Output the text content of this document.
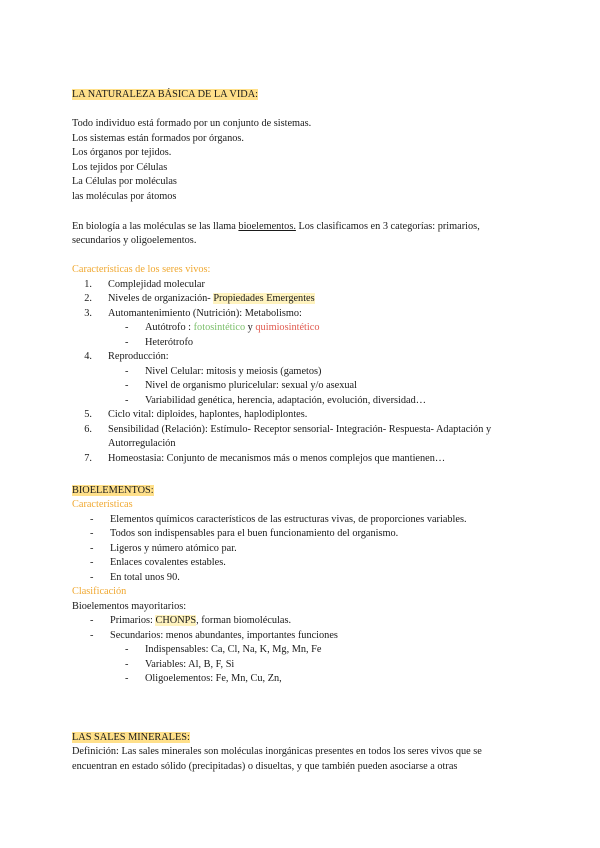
LA NATURALEZA BÁSICA DE LA VIDA:
Todo individuo está formado por un conjunto de sistemas.
Los sistemas están formados por órganos.
Los órganos por tejidos.
Los tejidos por Células
La Células por moléculas
las moléculas por átomos
En biología a las moléculas se las llama bioelementos. Los clasificamos en 3 categorías: primarios,
secundarios y oligoelementos.
Características de los seres vivos:
1. Complejidad molecular
2. Niveles de organización- Propiedades Emergentes
3. Automantenimiento (Nutrición): Metabolismo:
- Autótrofo : fotosintético y quimiosintético
- Heterótrofo
4. Reproducción:
- Nivel Celular: mitosis y meiosis (gametos)
- Nivel de organismo pluricelular: sexual y/o asexual
- Variabilidad genética, herencia, adaptación, evolución, diversidad…
5. Ciclo vital: diploides, haplontes, haplodiplontes.
6. Sensibilidad (Relación): Estímulo- Receptor sensorial- Integración- Respuesta- Adaptación y
Autorregulación
7. Homeostasia: Conjunto de mecanismos más o menos complejos que mantienen…
BIOELEMENTOS:
Características
- Elementos químicos característicos de las estructuras vivas, de proporciones variables.
- Todos son indispensables para el buen funcionamiento del organismo.
- Ligeros y número atómico par.
- Enlaces covalentes estables.
- En total unos 90.
Clasificación
Bioelementos mayoritarios:
- Primarios: CHONPS, forman biomoléculas.
- Secundarios: menos abundantes, importantes funciones
- Indispensables: Ca, Cl, Na, K, Mg, Mn, Fe
- Variables: Al, B, F, Si
- Oligoelementos: Fe, Mn, Cu, Zn,
LAS SALES MINERALES:
Definición: Las sales minerales son moléculas inorgánicas presentes en todos los seres vivos que se
encuentran en estado sólido (precipitadas) o disueltas, y que también pueden asociarse a otras
